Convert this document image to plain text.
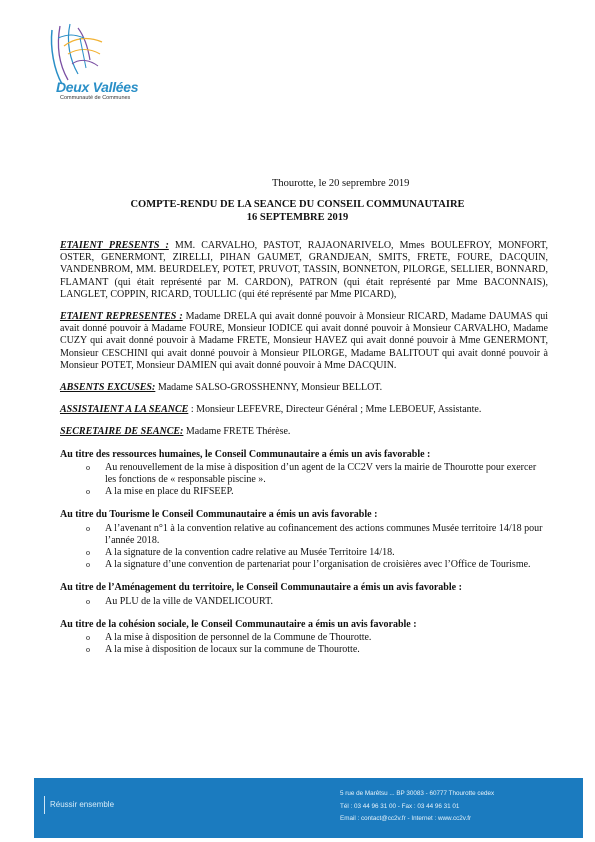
Deux Vallées
Communauté de Communes
Thourotte, le 20 seprembre 2019
COMPTE-RENDU DE LA SEANCE DU CONSEIL COMMUNAUTAIRE
16 SEPTEMBRE 2019

ETAIENT PRESENTS : MM. CARVALHO, PASTOT, RAJAONARIVELO, Mmes BOULEFROY, MONFORT, OSTER, GENERMONT, ZIRELLI, PIHAN GAUMET, GRANDJEAN, SMITS, FRETE, FOURE, DACQUIN, VANDENBROM, MM. BEURDELEY, POTET, PRUVOT, TASSIN, BONNETON, PILORGE, SELLIER, BONNARD, FLAMANT (qui était représenté par M. CARDON), PATRON (qui était représenté par Mme BACONNAIS), LANGLET, COPPIN, RICARD, TOULLIC (qui été représenté par Mme PICARD),

ETAIENT REPRESENTES : Madame DRELA qui avait donné pouvoir à Monsieur RICARD, Madame DAUMAS qui avait donné pouvoir à Madame FOURE, Monsieur IODICE qui avait donné pouvoir à Monsieur CARVALHO, Madame CUZY qui avait donné pouvoir à Madame FRETE, Monsieur HAVEZ qui avait donné pouvoir à Mme GENERMONT, Monsieur CESCHINI qui avait donné pouvoir à Monsieur PILORGE, Madame BALITOUT qui avait donné pouvoir à Monsieur POTET, Monsieur DAMIEN qui avait donné pouvoir à Mme DACQUIN.

ABSENTS EXCUSES: Madame SALSO-GROSSHENNY, Monsieur BELLOT.

ASSISTAIENT A LA SEANCE : Monsieur LEFEVRE, Directeur Général ; Mme LEBOEUF, Assistante.

SECRETAIRE DE SEANCE: Madame FRETE Thérèse.

Au titre des ressources humaines, le Conseil Communautaire a émis un avis favorable :
o Au renouvellement de la mise à disposition d’un agent de la CC2V vers la mairie de Thourotte pour exercer les fonctions de « responsable piscine ».
o A la mise en place du RIFSEEP.
Au titre du Tourisme le Conseil Communautaire a émis un avis favorable :
o A l’avenant n°1 à la convention relative au cofinancement des actions communes Musée territoire 14/18 pour l’année 2018.
o A la signature de la convention cadre relative au Musée Territoire 14/18.
o A la signature d’une convention de partenariat pour l’organisation de croisières avec l’Office de Tourisme.
Au titre de l’Aménagement du territoire, le Conseil Communautaire a émis un avis favorable :
o Au PLU de la ville de VANDELICOURT.
Au titre de la cohésion sociale, le Conseil Communautaire a émis un avis favorable :
o A la mise à disposition de personnel de la Commune de Thourotte.
o A la mise à disposition de locaux sur la commune de Thourotte.
Réussir ensemble
5 rue de Marêtsu ... BP 30083 - 60777 Thourotte cedex
Tél : 03 44 96 31 00 - Fax : 03 44 96 31 01
Email : contact@cc2v.fr - Internet : www.cc2v.fr
